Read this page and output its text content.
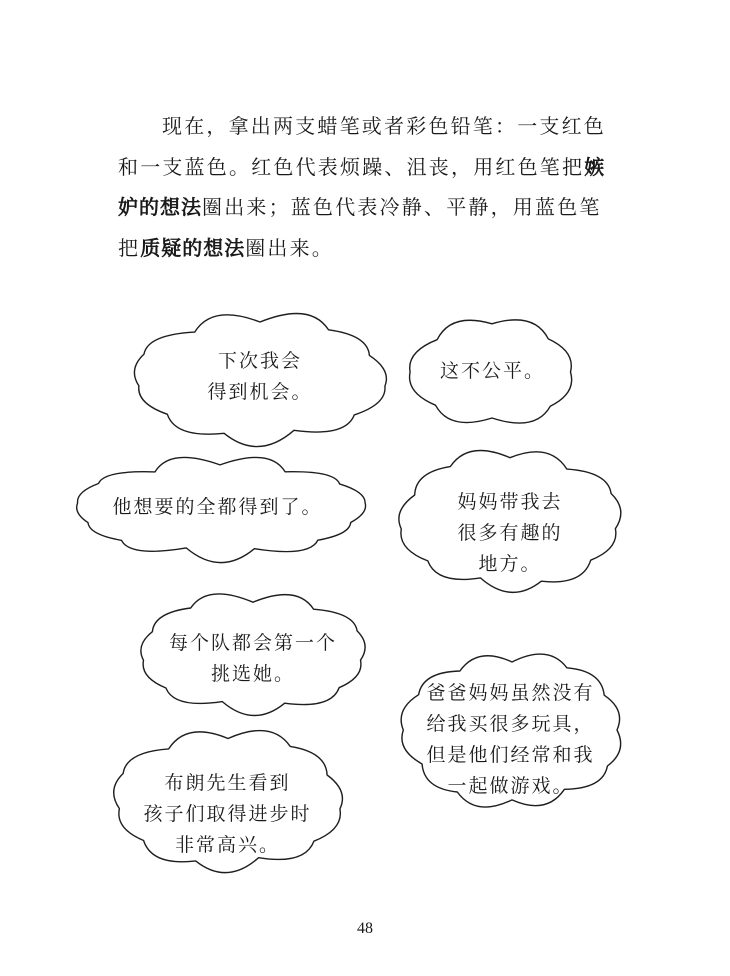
现在，拿出两支蜡笔或者彩色铅笔：一支红色和一支蓝色。红色代表烦躁、沮丧，用红色笔把嫉妒的想法圈出来；蓝色代表冷静、平静，用蓝色笔把质疑的想法圈出来。
下次我会
得到机会。
这不公平。
他想要的全都得到了。	妈妈带我去
很多有趣的
地方。
每个队都会第一个
挑选她。
爸爸妈妈虽然没有
给我买很多玩具，
但是他们经常和我
一起做游戏。
布朗先生看到
孩子们取得进步时
非常高兴。
48
